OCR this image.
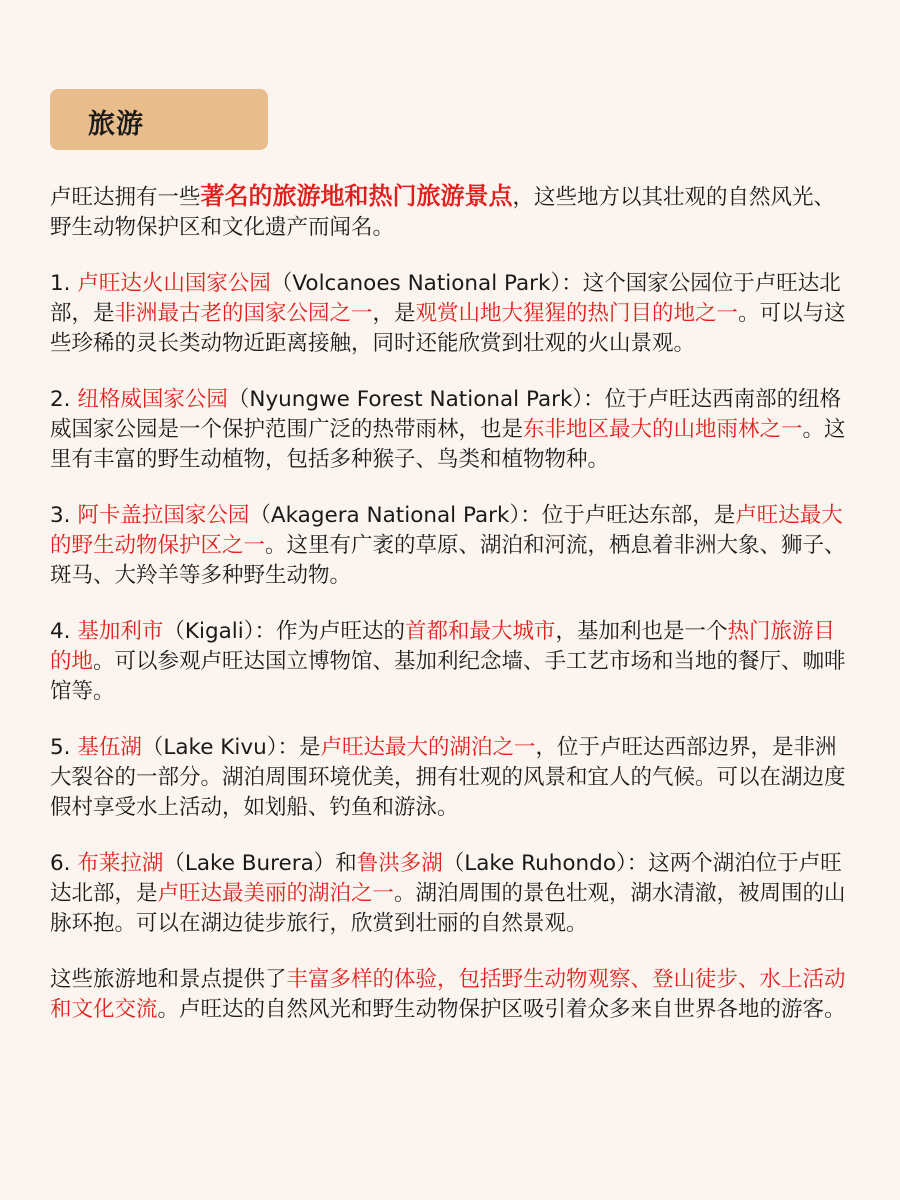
旅游

卢旺达拥有一些著名的旅游地和热门旅游景点，这些地方以其壮观的自然风光、野生动物保护区和文化遗产而闻名。

1. 卢旺达火山国家公园（Volcanoes National Park）：这个国家公园位于卢旺达北部，是非洲最古老的国家公园之一，是观赏山地大猩猩的热门目的地之一。可以与这些珍稀的灵长类动物近距离接触，同时还能欣赏到壮观的火山景观。

2. 纽格威国家公园（Nyungwe Forest National Park）：位于卢旺达西南部的纽格威国家公园是一个保护范围广泛的热带雨林，也是东非地区最大的山地雨林之一。这里有丰富的野生动植物，包括多种猴子、鸟类和植物物种。

3. 阿卡盖拉国家公园（Akagera National Park）：位于卢旺达东部，是卢旺达最大的野生动物保护区之一。这里有广袤的草原、湖泊和河流，栖息着非洲大象、狮子、斑马、大羚羊等多种野生动物。

4. 基加利市（Kigali）：作为卢旺达的首都和最大城市，基加利也是一个热门旅游目的地。可以参观卢旺达国立博物馆、基加利纪念墙、手工艺市场和当地的餐厅、咖啡馆等。

5. 基伍湖（Lake Kivu）：是卢旺达最大的湖泊之一，位于卢旺达西部边界，是非洲大裂谷的一部分。湖泊周围环境优美，拥有壮观的风景和宜人的气候。可以在湖边度假村享受水上活动，如划船、钓鱼和游泳。

6. 布莱拉湖（Lake Burera）和鲁洪多湖（Lake Ruhondo）：这两个湖泊位于卢旺达北部，是卢旺达最美丽的湖泊之一。湖泊周围的景色壮观，湖水清澈，被周围的山脉环抱。可以在湖边徒步旅行，欣赏到壮丽的自然景观。

这些旅游地和景点提供了丰富多样的体验，包括野生动物观察、登山徒步、水上活动和文化交流。卢旺达的自然风光和野生动物保护区吸引着众多来自世界各地的游客。
